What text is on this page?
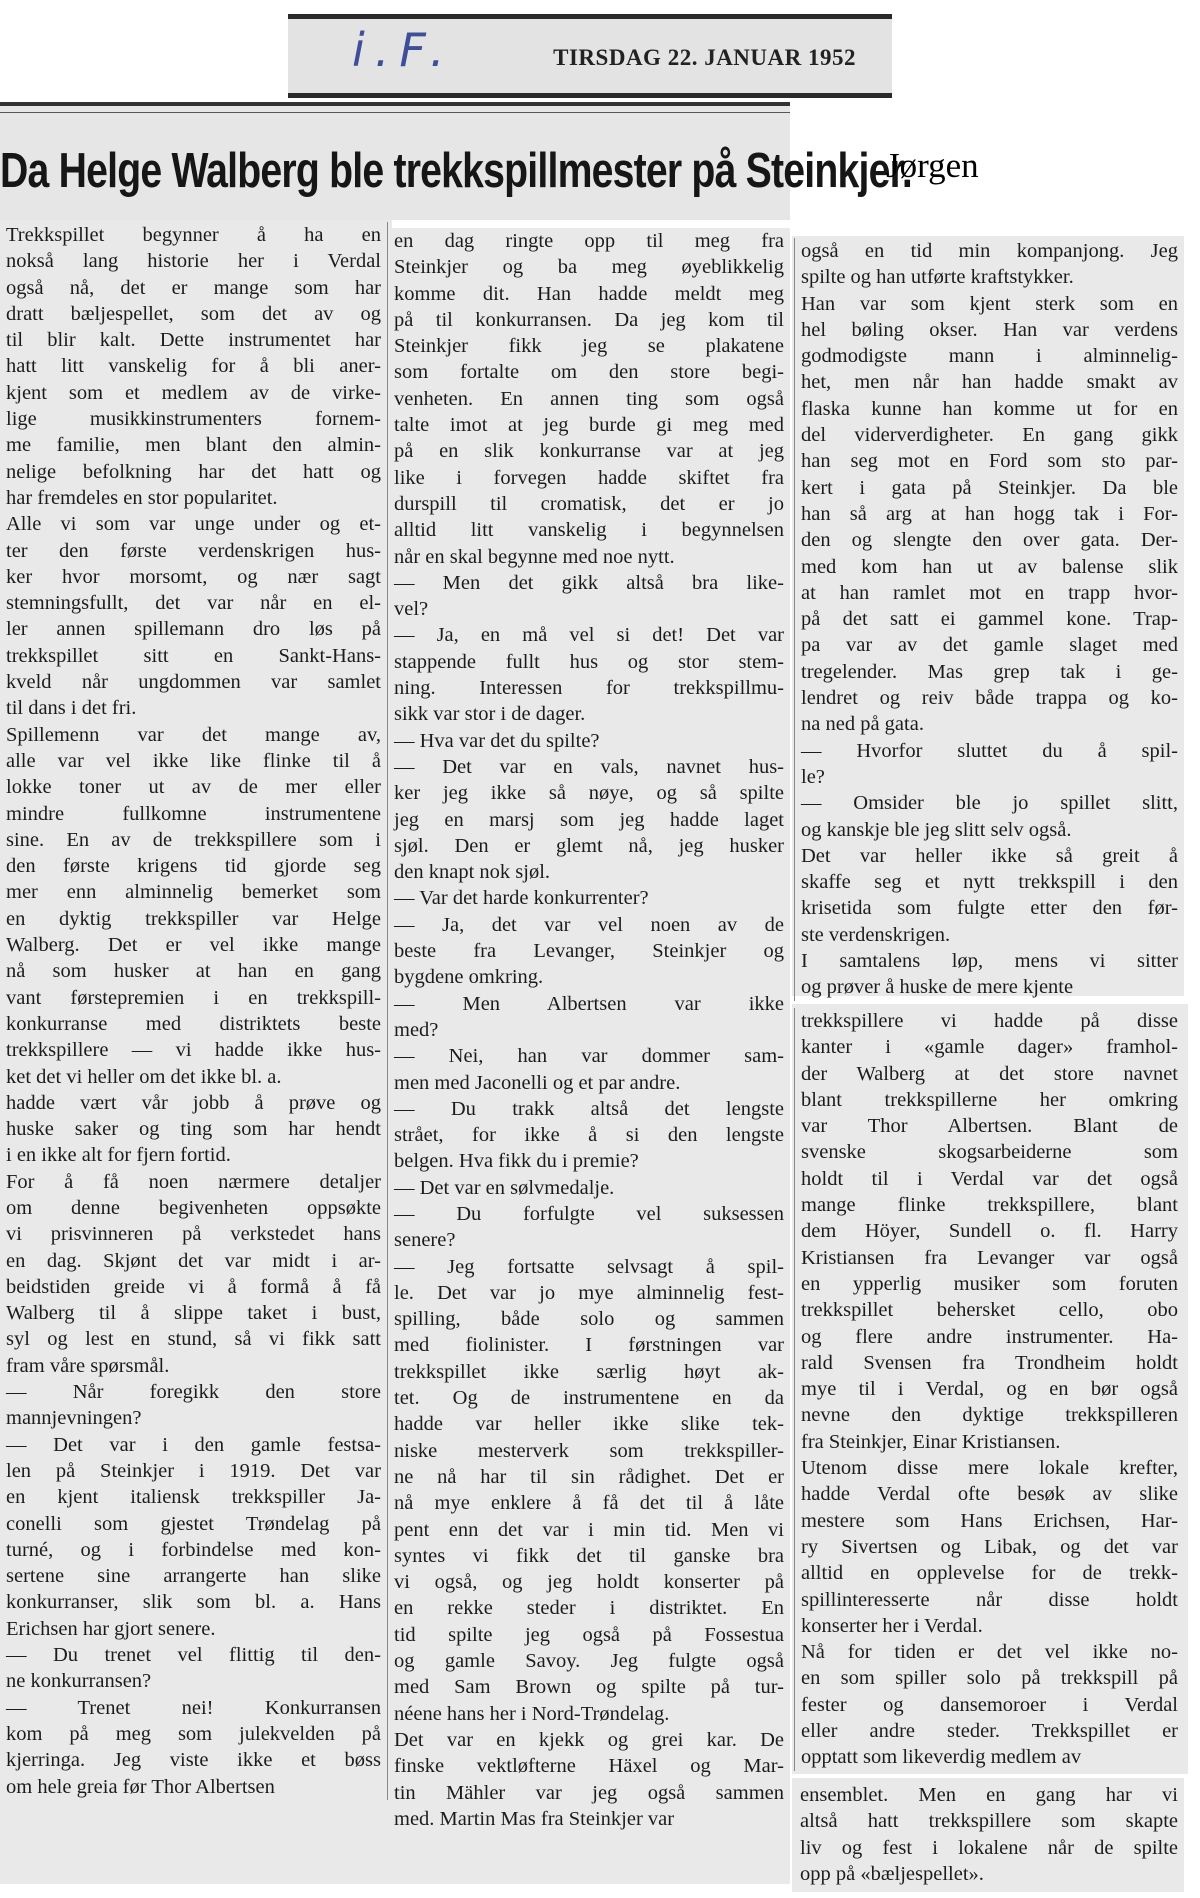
i.F.	TIRSDAG 22. JANUAR 1952
Da Helge Walberg ble trekkspillmester på Steinkjer.
Jørgen

Trekkspillet begynner å ha en

nokså lang historie her i Verdal

også nå, det er mange som har

dratt bæljespellet, som det av og

til blir kalt. Dette instrumentet har

hatt litt vanskelig for å bli aner-

kjent som et medlem av de virke-

lige musikkinstrumenters fornem-

me familie, men blant den almin-

nelige befolkning har det hatt og

har fremdeles en stor popularitet.

Alle vi som var unge under og et-

ter den første verdenskrigen hus-

ker hvor morsomt, og nær sagt

stemningsfullt, det var når en el-

ler annen spillemann dro løs på

trekkspillet sitt en Sankt-Hans-

kveld når ungdommen var samlet

til dans i det fri.

Spillemenn var det mange av,

alle var vel ikke like flinke til å

lokke toner ut av de mer eller

mindre fullkomne instrumentene

sine. En av de trekkspillere som i

den første krigens tid gjorde seg

mer enn alminnelig bemerket som

en dyktig trekkspiller var Helge

Walberg. Det er vel ikke mange

nå som husker at han en gang

vant førstepremien i en trekkspill-

konkurranse med distriktets beste

trekkspillere — vi hadde ikke hus-

ket det vi heller om det ikke bl. a.

hadde vært vår jobb å prøve og

huske saker og ting som har hendt

i en ikke alt for fjern fortid.

For å få noen nærmere detaljer

om denne begivenheten oppsøkte

vi prisvinneren på verkstedet hans

en dag. Skjønt det var midt i ar-

beidstiden greide vi å formå å få

Walberg til å slippe taket i bust,

syl og lest en stund, så vi fikk satt

fram våre spørsmål.

— Når foregikk den store

mannjevningen?

— Det var i den gamle festsa-

len på Steinkjer i 1919. Det var

en kjent italiensk trekkspiller Ja-

conelli som gjestet Trøndelag på

turné, og i forbindelse med kon-

sertene sine arrangerte han slike

konkurranser, slik som bl. a. Hans

Erichsen har gjort senere.

— Du trenet vel flittig til den-

ne konkurransen?

— Trenet nei! Konkurransen

kom på meg som julekvelden på

kjerringa. Jeg viste ikke et bøss

om hele greia før Thor Albertsen

en dag ringte opp til meg fra

Steinkjer og ba meg øyeblikkelig

komme dit. Han hadde meldt meg

på til konkurransen. Da jeg kom til

Steinkjer fikk jeg se plakatene

som fortalte om den store begi-

venheten. En annen ting som også

talte imot at jeg burde gi meg med

på en slik konkurranse var at jeg

like i forvegen hadde skiftet fra

durspill til cromatisk, det er jo

alltid litt vanskelig i begynnelsen

når en skal begynne med noe nytt.

— Men det gikk altså bra like-

vel?

— Ja, en må vel si det! Det var

stappende fullt hus og stor stem-

ning. Interessen for trekkspillmu-

sikk var stor i de dager.

— Hva var det du spilte?

— Det var en vals, navnet hus-

ker jeg ikke så nøye, og så spilte

jeg en marsj som jeg hadde laget

sjøl. Den er glemt nå, jeg husker

den knapt nok sjøl.

— Var det harde konkurrenter?

— Ja, det var vel noen av de

beste fra Levanger, Steinkjer og

bygdene omkring.

— Men Albertsen var ikke

med?

— Nei, han var dommer sam-

men med Jaconelli og et par andre.

— Du trakk altså det lengste

strået, for ikke å si den lengste

belgen. Hva fikk du i premie?

— Det var en sølvmedalje.

— Du forfulgte vel suksessen

senere?

— Jeg fortsatte selvsagt å spil-

le. Det var jo mye alminnelig fest-

spilling, både solo og sammen

med fiolinister. I førstningen var

trekkspillet ikke særlig høyt ak-

tet. Og de instrumentene en da

hadde var heller ikke slike tek-

niske mesterverk som trekkspiller-

ne nå har til sin rådighet. Det er

nå mye enklere å få det til å låte

pent enn det var i min tid. Men vi

syntes vi fikk det til ganske bra

vi også, og jeg holdt konserter på

en rekke steder i distriktet. En

tid spilte jeg også på Fossestua

og gamle Savoy. Jeg fulgte også

med Sam Brown og spilte på tur-

néene hans her i Nord-Trøndelag.

Det var en kjekk og grei kar. De

finske vektløfterne Häxel og Mar-

tin Mähler var jeg også sammen

med. Martin Mas fra Steinkjer var

også en tid min kompanjong. Jeg

spilte og han utførte kraftstykker.

Han var som kjent sterk som en

hel bøling okser. Han var verdens

godmodigste mann i alminnelig-

het, men når han hadde smakt av

flaska kunne han komme ut for en

del viderverdigheter. En gang gikk

han seg mot en Ford som sto par-

kert i gata på Steinkjer. Da ble

han så arg at han hogg tak i For-

den og slengte den over gata. Der-

med kom han ut av balense slik

at han ramlet mot en trapp hvor-

på det satt ei gammel kone. Trap-

pa var av det gamle slaget med

tregelender. Mas grep tak i ge-

lendret og reiv både trappa og ko-

na ned på gata.

— Hvorfor sluttet du å spil-

le?

— Omsider ble jo spillet slitt,

og kanskje ble jeg slitt selv også.

Det var heller ikke så greit å

skaffe seg et nytt trekkspill i den

krisetida som fulgte etter den før-

ste verdenskrigen.

I samtalens løp, mens vi sitter

og prøver å huske de mere kjente

trekkspillere vi hadde på disse

kanter i «gamle dager» framhol-

der Walberg at det store navnet

blant trekkspillerne her omkring

var Thor Albertsen. Blant de

svenske skogsarbeiderne som

holdt til i Verdal var det også

mange flinke trekkspillere, blant

dem Höyer, Sundell o. fl. Harry

Kristiansen fra Levanger var også

en ypperlig musiker som foruten

trekkspillet behersket cello, obo

og flere andre instrumenter. Ha-

rald Svensen fra Trondheim holdt

mye til i Verdal, og en bør også

nevne den dyktige trekkspilleren

fra Steinkjer, Einar Kristiansen.

Utenom disse mere lokale krefter,

hadde Verdal ofte besøk av slike

mestere som Hans Erichsen, Har-

ry Sivertsen og Libak, og det var

alltid en opplevelse for de trekk-

spillinteresserte når disse holdt

konserter her i Verdal.

Nå for tiden er det vel ikke no-

en som spiller solo på trekkspill på

fester og dansemoroer i Verdal

eller andre steder. Trekkspillet er

opptatt som likeverdig medlem av

ensemblet. Men en gang har vi

altså hatt trekkspillere som skapte

liv og fest i lokalene når de spilte

opp på «bæljespellet».
